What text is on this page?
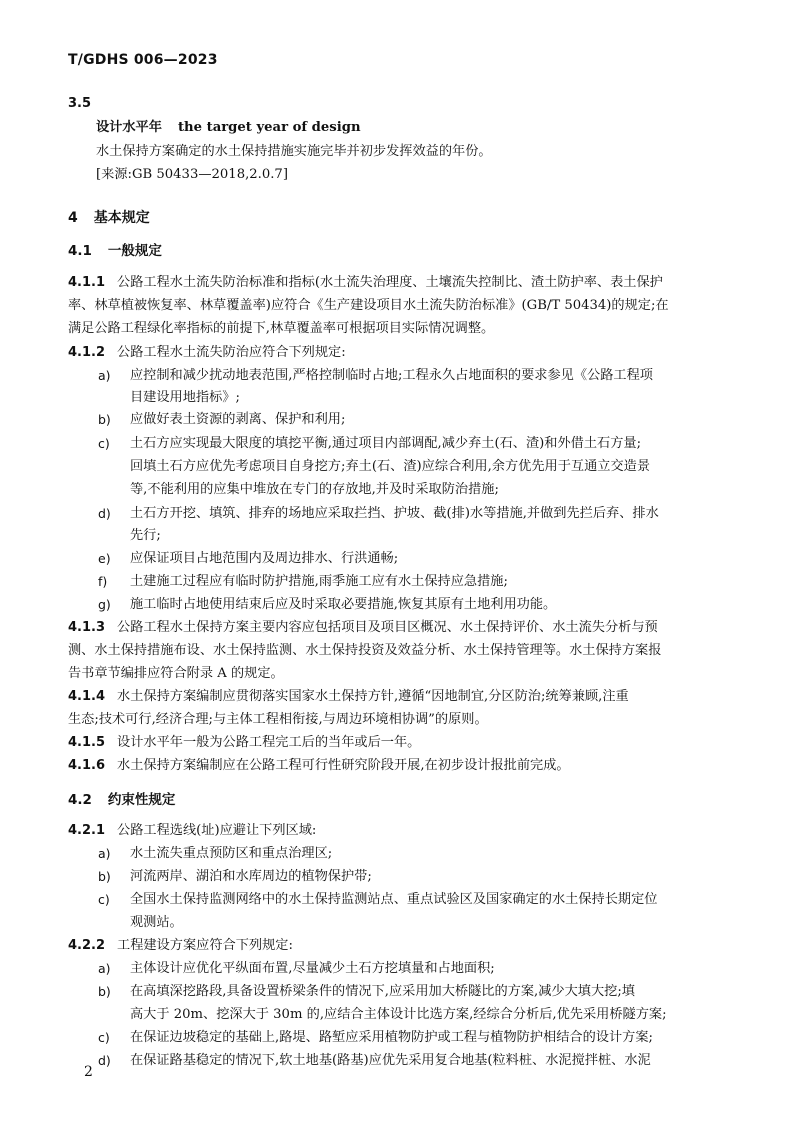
T/GDHS 006—2023
3.5
设计水平年 the target year of design
水土保持方案确定的水土保持措施实施完毕并初步发挥效益的年份。
[来源:GB 50433—2018,2.0.7]
4 基本规定
4.1 一般规定
4.1.1 公路工程水土流失防治标准和指标(水土流失治理度、土壤流失控制比、渣土防护率、表土保护
率、林草植被恢复率、林草覆盖率)应符合《生产建设项目水土流失防治标准》(GB/T 50434)的规定;在
满足公路工程绿化率指标的前提下,林草覆盖率可根据项目实际情况调整。
4.1.2 公路工程水土流失防治应符合下列规定:
a) 应控制和减少扰动地表范围,严格控制临时占地;工程永久占地面积的要求参见《公路工程项
目建设用地指标》;
b) 应做好表土资源的剥离、保护和利用;
c) 土石方应实现最大限度的填挖平衡,通过项目内部调配,减少弃土(石、渣)和外借土石方量;
回填土石方应优先考虑项目自身挖方;弃土(石、渣)应综合利用,余方优先用于互通立交造景
等,不能利用的应集中堆放在专门的存放地,并及时采取防治措施;
d) 土石方开挖、填筑、排弃的场地应采取拦挡、护坡、截(排)水等措施,并做到先拦后弃、排水
先行;
e) 应保证项目占地范围内及周边排水、行洪通畅;
f) 土建施工过程应有临时防护措施,雨季施工应有水土保持应急措施;
g) 施工临时占地使用结束后应及时采取必要措施,恢复其原有土地利用功能。
4.1.3 公路工程水土保持方案主要内容应包括项目及项目区概况、水土保持评价、水土流失分析与预
测、水土保持措施布设、水土保持监测、水土保持投资及效益分析、水土保持管理等。水土保持方案报
告书章节编排应符合附录 A 的规定。
4.1.4 水土保持方案编制应贯彻落实国家水土保持方针,遵循“因地制宜,分区防治;统筹兼顾,注重
生态;技术可行,经济合理;与主体工程相衔接,与周边环境相协调”的原则。
4.1.5 设计水平年一般为公路工程完工后的当年或后一年。
4.1.6 水土保持方案编制应在公路工程可行性研究阶段开展,在初步设计报批前完成。
4.2 约束性规定
4.2.1 公路工程选线(址)应避让下列区域:
a) 水土流失重点预防区和重点治理区;
b) 河流两岸、湖泊和水库周边的植物保护带;
c) 全国水土保持监测网络中的水土保持监测站点、重点试验区及国家确定的水土保持长期定位
观测站。
4.2.2 工程建设方案应符合下列规定:
a) 主体设计应优化平纵面布置,尽量减少土石方挖填量和占地面积;
b) 在高填深挖路段,具备设置桥梁条件的情况下,应采用加大桥隧比的方案,减少大填大挖;填
高大于 20m、挖深大于 30m 的,应结合主体设计比选方案,经综合分析后,优先采用桥隧方案;
c) 在保证边坡稳定的基础上,路堤、路堑应采用植物防护或工程与植物防护相结合的设计方案;
d) 在保证路基稳定的情况下,软土地基(路基)应优先采用复合地基(粒料桩、水泥搅拌桩、水泥
2
